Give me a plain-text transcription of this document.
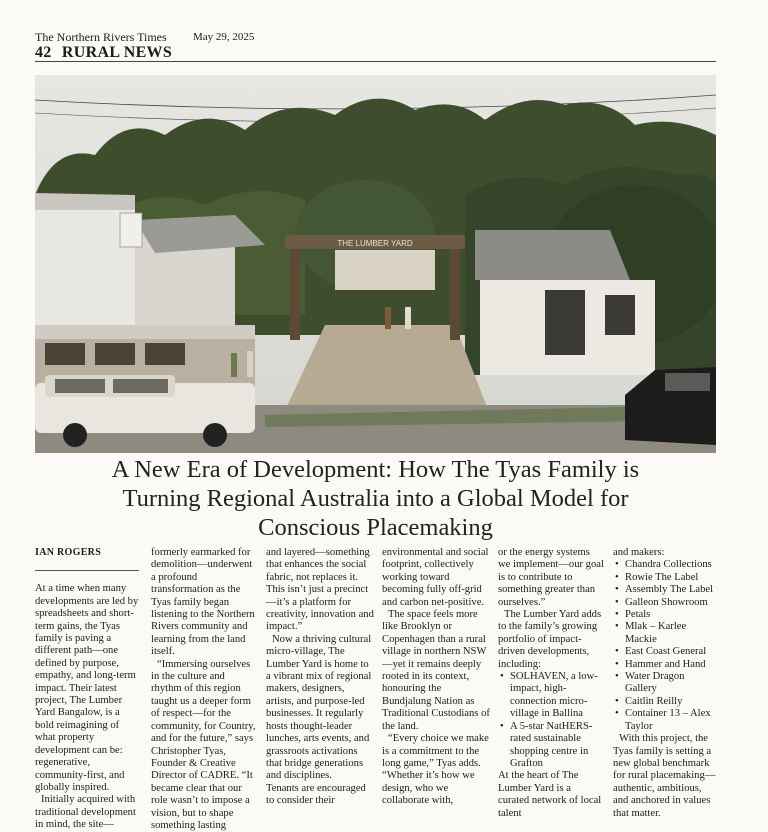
The Northern Rivers Times May 29, 2025
42 RURAL NEWS
THE LUMBER YARD
A New Era of Development: How The Tyas Family is
Turning Regional Australia into a Global Model for
Conscious Placemaking
IAN ROGERS

At a time when many developments are led by spreadsheets and short-term gains, the Tyas family is paving a different path—one defined by purpose, empathy, and long-term impact. Their latest project, The Lumber Yard Bangalow, is a bold reimagining of what property development can be: regenerative, community-first, and globally inspired.

Initially acquired with traditional development in mind, the site—

formerly earmarked for demolition—underwent a profound transformation as the Tyas family began listening to the Northern Rivers community and learning from the land itself.

“Immersing ourselves in the culture and rhythm of this region taught us a deeper form of respect—for the community, for Country, and for the future,” says Christopher Tyas, Founder & Creative Director of CADRE. “It became clear that our role wasn’t to impose a vision, but to shape something lasting

and layered—something that enhances the social fabric, not replaces it. This isn’t just a precinct—it’s a platform for creativity, innovation and impact.”

Now a thriving cultural micro-village, The Lumber Yard is home to a vibrant mix of regional makers, designers, artists, and purpose-led businesses. It regularly hosts thought-leader lunches, arts events, and grassroots activations that bridge generations and disciplines.

Tenants are encouraged to consider their

environmental and social footprint, collectively working toward becoming fully off-grid and carbon net-positive.

The space feels more like Brooklyn or Copenhagen than a rural village in northern NSW—yet it remains deeply rooted in its context, honouring the Bundjalung Nation as Traditional Custodians of the land.

“Every choice we make is a commitment to the long game,” Tyas adds. “Whether it’s how we design, who we collaborate with,

or the energy systems we implement—our goal is to contribute to something greater than ourselves.”

The Lumber Yard adds to the family’s growing portfolio of impact-driven developments, including:

• SOLHAVEN, a low-impact, high-connection micro-village in Ballina
• A 5-star NatHERS-rated sustainable shopping centre in Grafton

At the heart of The Lumber Yard is a curated network of local talent

and makers:

• Chandra Collections
• Rowie The Label
• Assembly The Label
• Galleon Showroom
• Petals
• Mlak – Karlee Mackie
• East Coast General
• Hammer and Hand
• Water Dragon Gallery
• Caitlin Reilly
• Container 13 – Alex Taylor

With this project, the Tyas family is setting a new global benchmark for rural placemaking—authentic, ambitious, and anchored in values that matter.
